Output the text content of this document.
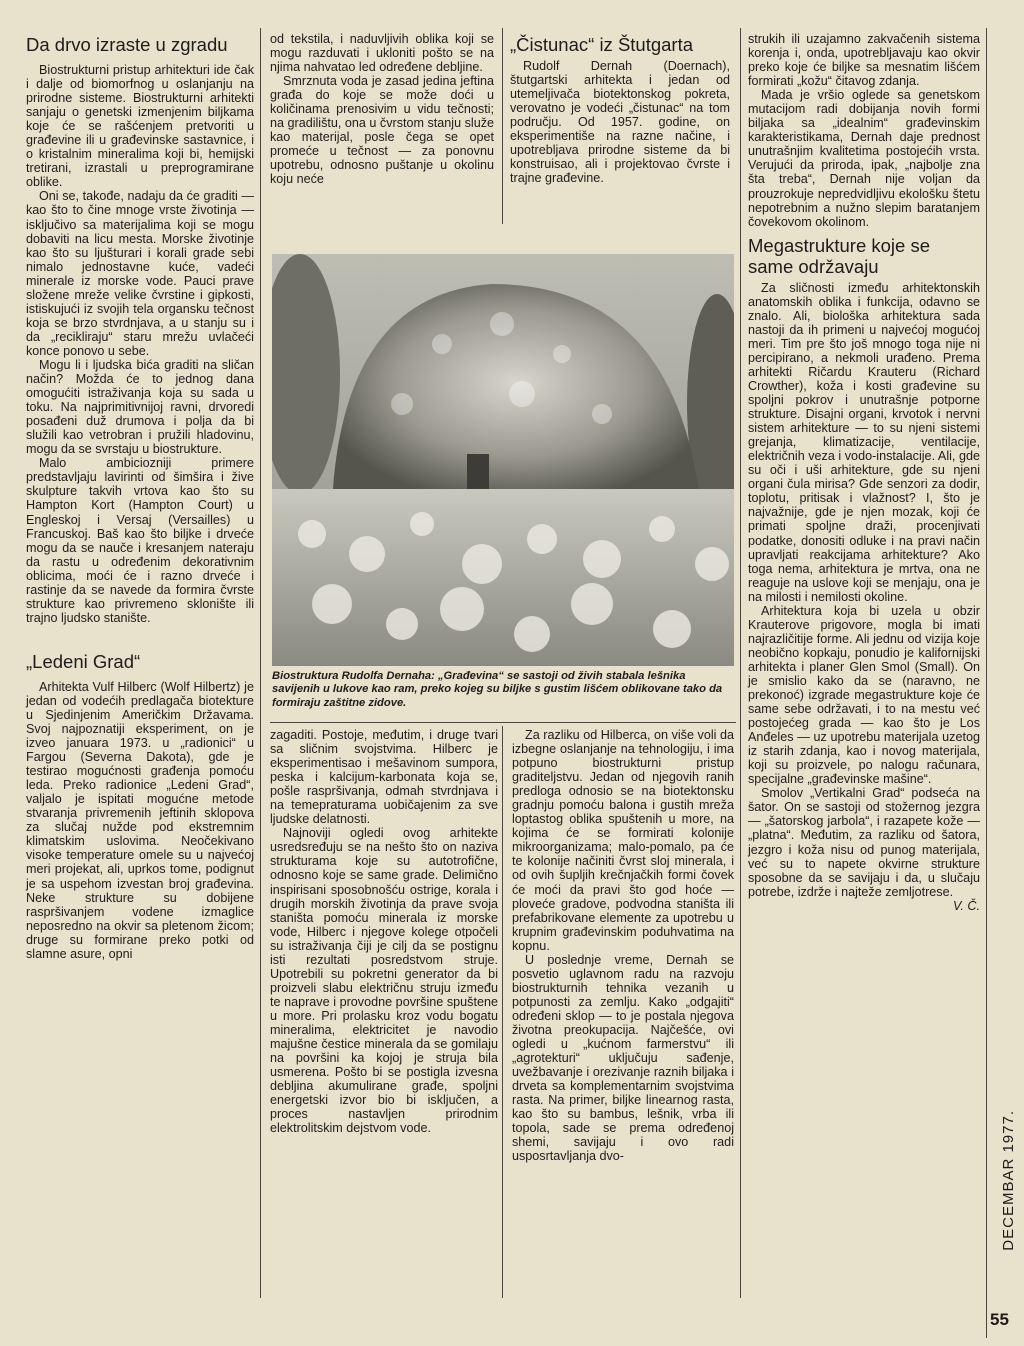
Da drvo izraste u zgradu

Biostrukturni pristup arhitekturi ide čak i dalje od biomorfnog u oslanjanju na prirodne sisteme. Biostrukturni arhitekti sanjaju o genetski izmenjenim biljkama koje će se rašćenjem pretvoriti u građevine ili u građevinske sastavnice, i o kristalnim mineralima koji bi, hemijski tretirani, izrastali u preprogramirane oblike.

Oni se, takođe, nadaju da će graditi — kao što to čine mnoge vrste životinja — isključivo sa materijalima koji se mogu dobaviti na licu mesta. Morske životinje kao što su ljušturari i korali grade sebi nimalo jednostavne kuće, vadeći minerale iz morske vode. Pauci prave složene mreže velike čvrstine i gipkosti, istiskujući iz svojih tela organsku tečnost koja se brzo stvrdnjava, a u stanju su i da „recikliraju“ staru mrežu uvlačeći konce ponovo u sebe.

Mogu li i ljudska bića graditi na sličan način? Možda će to jednog dana omogućiti istraživanja koja su sada u toku. Na najprimitivnijoj ravni, drvoredi posađeni duž drumova i polja da bi služili kao vetrobran i pružili hladovinu, mogu da se svrstaju u biostrukture.

Malo ambiciozniji primere predstavljaju lavirinti od šimšira i žive skulpture takvih vrtova kao što su Hampton Kort (Hampton Court) u Engleskoj i Versaj (Versailles) u Francuskoj. Baš kao što biljke i drveće mogu da se nauče i kresanjem nateraju da rastu u određenim dekorativnim oblicima, moći će i razno drveće i rastinje da se navede da formira čvrste strukture kao privremeno sklonište ili trajno ljudsko stanište.

„Ledeni Grad“

Arhitekta Vulf Hilberc (Wolf Hilbertz) je jedan od vodećih predlagača biotekture u Sjedinjenim Američkim Državama. Svoj najpoznatiji eksperiment, on je izveo januara 1973. u „radionici“ u Fargou (Severna Dakota), gde je testirao mogućnosti građenja pomoću leda. Preko radionice „Ledeni Grad“, valjalo je ispitati mogućne metode stvaranja privremenih jeftinih sklopova za slučaj nužde pod ekstremnim klimatskim uslovima. Neočekivano visoke temperature omele su u najvećoj meri projekat, ali, uprkos tome, podignut je sa uspehom izvestan broj građevina. Neke strukture su dobijene raspršivanjem vodene izmaglice neposredno na okvir sa pletenom žicom; druge su formirane preko potki od slamne asure, opni

od tekstila, i naduvljivih oblika koji se mogu razduvati i ukloniti pošto se na njima nahvatao led određene debljine.

Smrznuta voda je zasad jedina jeftina građa do koje se može doći u količinama prenosivim u vidu tečnosti; na gradilištu, ona u čvrstom stanju služe kao materijal, posle čega se opet promeće u tečnost — za ponovnu upotrebu, odnosno puštanje u okolinu koju neće

„Čistunac“ iz Štutgarta

Rudolf Dernah (Doernach), štutgartski arhitekta i jedan od utemeljivača biotektonskog pokreta, verovatno je vodeći „čistunac“ na tom području. Od 1957. godine, on eksperimentiše na razne načine, i upotrebljava prirodne sisteme da bi konstruisao, ali i projektovao čvrste i trajne građevine.

strukih ili uzajamno zakvačenih sistema korenja i, onda, upotrebljavaju kao okvir preko koje će biljke sa mesnatim lišćem formirati „kožu“ čitavog zdanja.

Mada je vršio oglede sa genetskom mutacijom radi dobijanja novih formi biljaka sa „idealnim“ građevinskim karakteristikama, Dernah daje prednost unutrašnjim kvalitetima postojećih vrsta. Verujući da priroda, ipak, „najbolje zna šta treba“, Dernah nije voljan da prouzrokuje nepredvidljivu ekološku štetu nepotrebnim a nužno slepim baratanjem čovekovom okolinom.

Megastrukture koje se same održavaju

Za sličnosti između arhitektonskih anatomskih oblika i funkcija, odavno se znalo. Ali, biološka arhitektura sada nastoji da ih primeni u najvećoj mogućoj meri. Tim pre što još mnogo toga nije ni percipirano, a nekmoli urađeno. Prema arhitekti Ričardu Krauteru (Richard Crowther), koža i kosti građevine su spoljni pokrov i unutrašnje potporne strukture. Disajni organi, krvotok i nervni sistem arhitekture — to su njeni sistemi grejanja, klimatizacije, ventilacije, električnih veza i vodo-instalacije. Ali, gde su oči i uši arhitekture, gde su njeni organi čula mirisa? Gde senzori za dodir, toplotu, pritisak i vlažnost? I, što je najvažnije, gde je njen mozak, koji će primati spoljne draži, procenjivati podatke, donositi odluke i na pravi način upravljati reakcijama arhitekture? Ako toga nema, arhitektura je mrtva, ona ne reaguje na uslove koji se menjaju, ona je na milosti i nemilosti okoline.

Arhitektura koja bi uzela u obzir Krauterove prigovore, mogla bi imati najrazličitije forme. Ali jednu od vizija koje neobično kopkaju, ponudio je kalifornijski arhitekta i planer Glen Smol (Small). On je smislio kako da se (naravno, ne prekonoć) izgrade megastrukture koje će same sebe održavati, i to na mestu već postojećeg grada — kao što je Los Anđeles — uz upotrebu materijala uzetog iz starih zdanja, kao i novog materijala, koji su proizvele, po nalogu računara, specijalne „građevinske mašine“.

Smolov „Vertikalni Grad“ podseća na šator. On se sastoji od stožernog jezgra — „šatorskog jarbola“, i razapete kože — „platna“. Međutim, za razliku od šatora, jezgro i koža nisu od punog materijala, već su to napete okvirne strukture sposobne da se savijaju i da, u slučaju potrebe, izdrže i najteže zemljotrese.

V. Č.
Biostruktura Rudolfa Dernaha: „Građevina“ se sastoji od živih stabala lešnika savijenih u lukove kao ram, preko kojeg su biljke s gustim lišćem oblikovane tako da formiraju zaštitne zidove.

zagaditi. Postoje, međutim, i druge tvari sa sličnim svojstvima. Hilberc je eksperimentisao i mešavinom sumpora, peska i kalcijum-karbonata koja se, pošle raspršivanja, odmah stvrdnjava i na temepraturama uobičajenim za sve ljudske delatnosti.

Najnoviji ogledi ovog arhitekte usredsređuju se na nešto što on naziva strukturama koje su autotrofične, odnosno koje se same grade. Delimično inspirisani sposobnošću ostrige, korala i drugih morskih životinja da prave svoja staništa pomoću minerala iz morske vode, Hilberc i njegove kolege otpočeli su istraživanja čiji je cilj da se postignu isti rezultati posredstvom struje. Upotrebili su pokretni generator da bi proizveli slabu električnu struju između te naprave i provodne površine spuštene u more. Pri prolasku kroz vodu bogatu mineralima, elektricitet je navodio majušne čestice minerala da se gomilaju na površini ka kojoj je struja bila usmerena. Pošto bi se postigla izvesna debljina akumulirane građe, spoljni energetski izvor bio bi isključen, a proces nastavljen prirodnim elektrolitskim dejstvom vode.

Za razliku od Hilberca, on više voli da izbegne oslanjanje na tehnologiju, i ima potpuno biostrukturni pristup graditeljstvu. Jedan od njegovih ranih predloga odnosio se na biotektonsku gradnju pomoću balona i gustih mreža loptastog oblika spuštenih u more, na kojima će se formirati kolonije mikroorganizama; malo-pomalo, pa će te kolonije načiniti čvrst sloj minerala, i od ovih šupljih krečnjačkih formi čovek će moći da pravi što god hoće — ploveće gradove, podvodna staništa ili prefabrikovane elemente za upotrebu u krupnim građevinskim poduhvatima na kopnu.

U poslednje vreme, Dernah se posvetio uglavnom radu na razvoju biostrukturnih tehnika vezanih u potpunosti za zemlju. Kako „odgajiti“ određeni sklop — to je postala njegova životna preokupacija. Najčešće, ovi ogledi u „kućnom farmerstvu“ ili „agrotekturi“ uključuju sađenje, uvežbavanje i orezivanje raznih biljaka i drveta sa komplementarnim svojstvima rasta. Na primer, biljke linearnog rasta, kao što su bambus, lešnik, vrba ili topola, sade se prema određenoj shemi, savijaju i ovo radi usposrtavljanja dvo-	DECEMBAR 1977.
55
